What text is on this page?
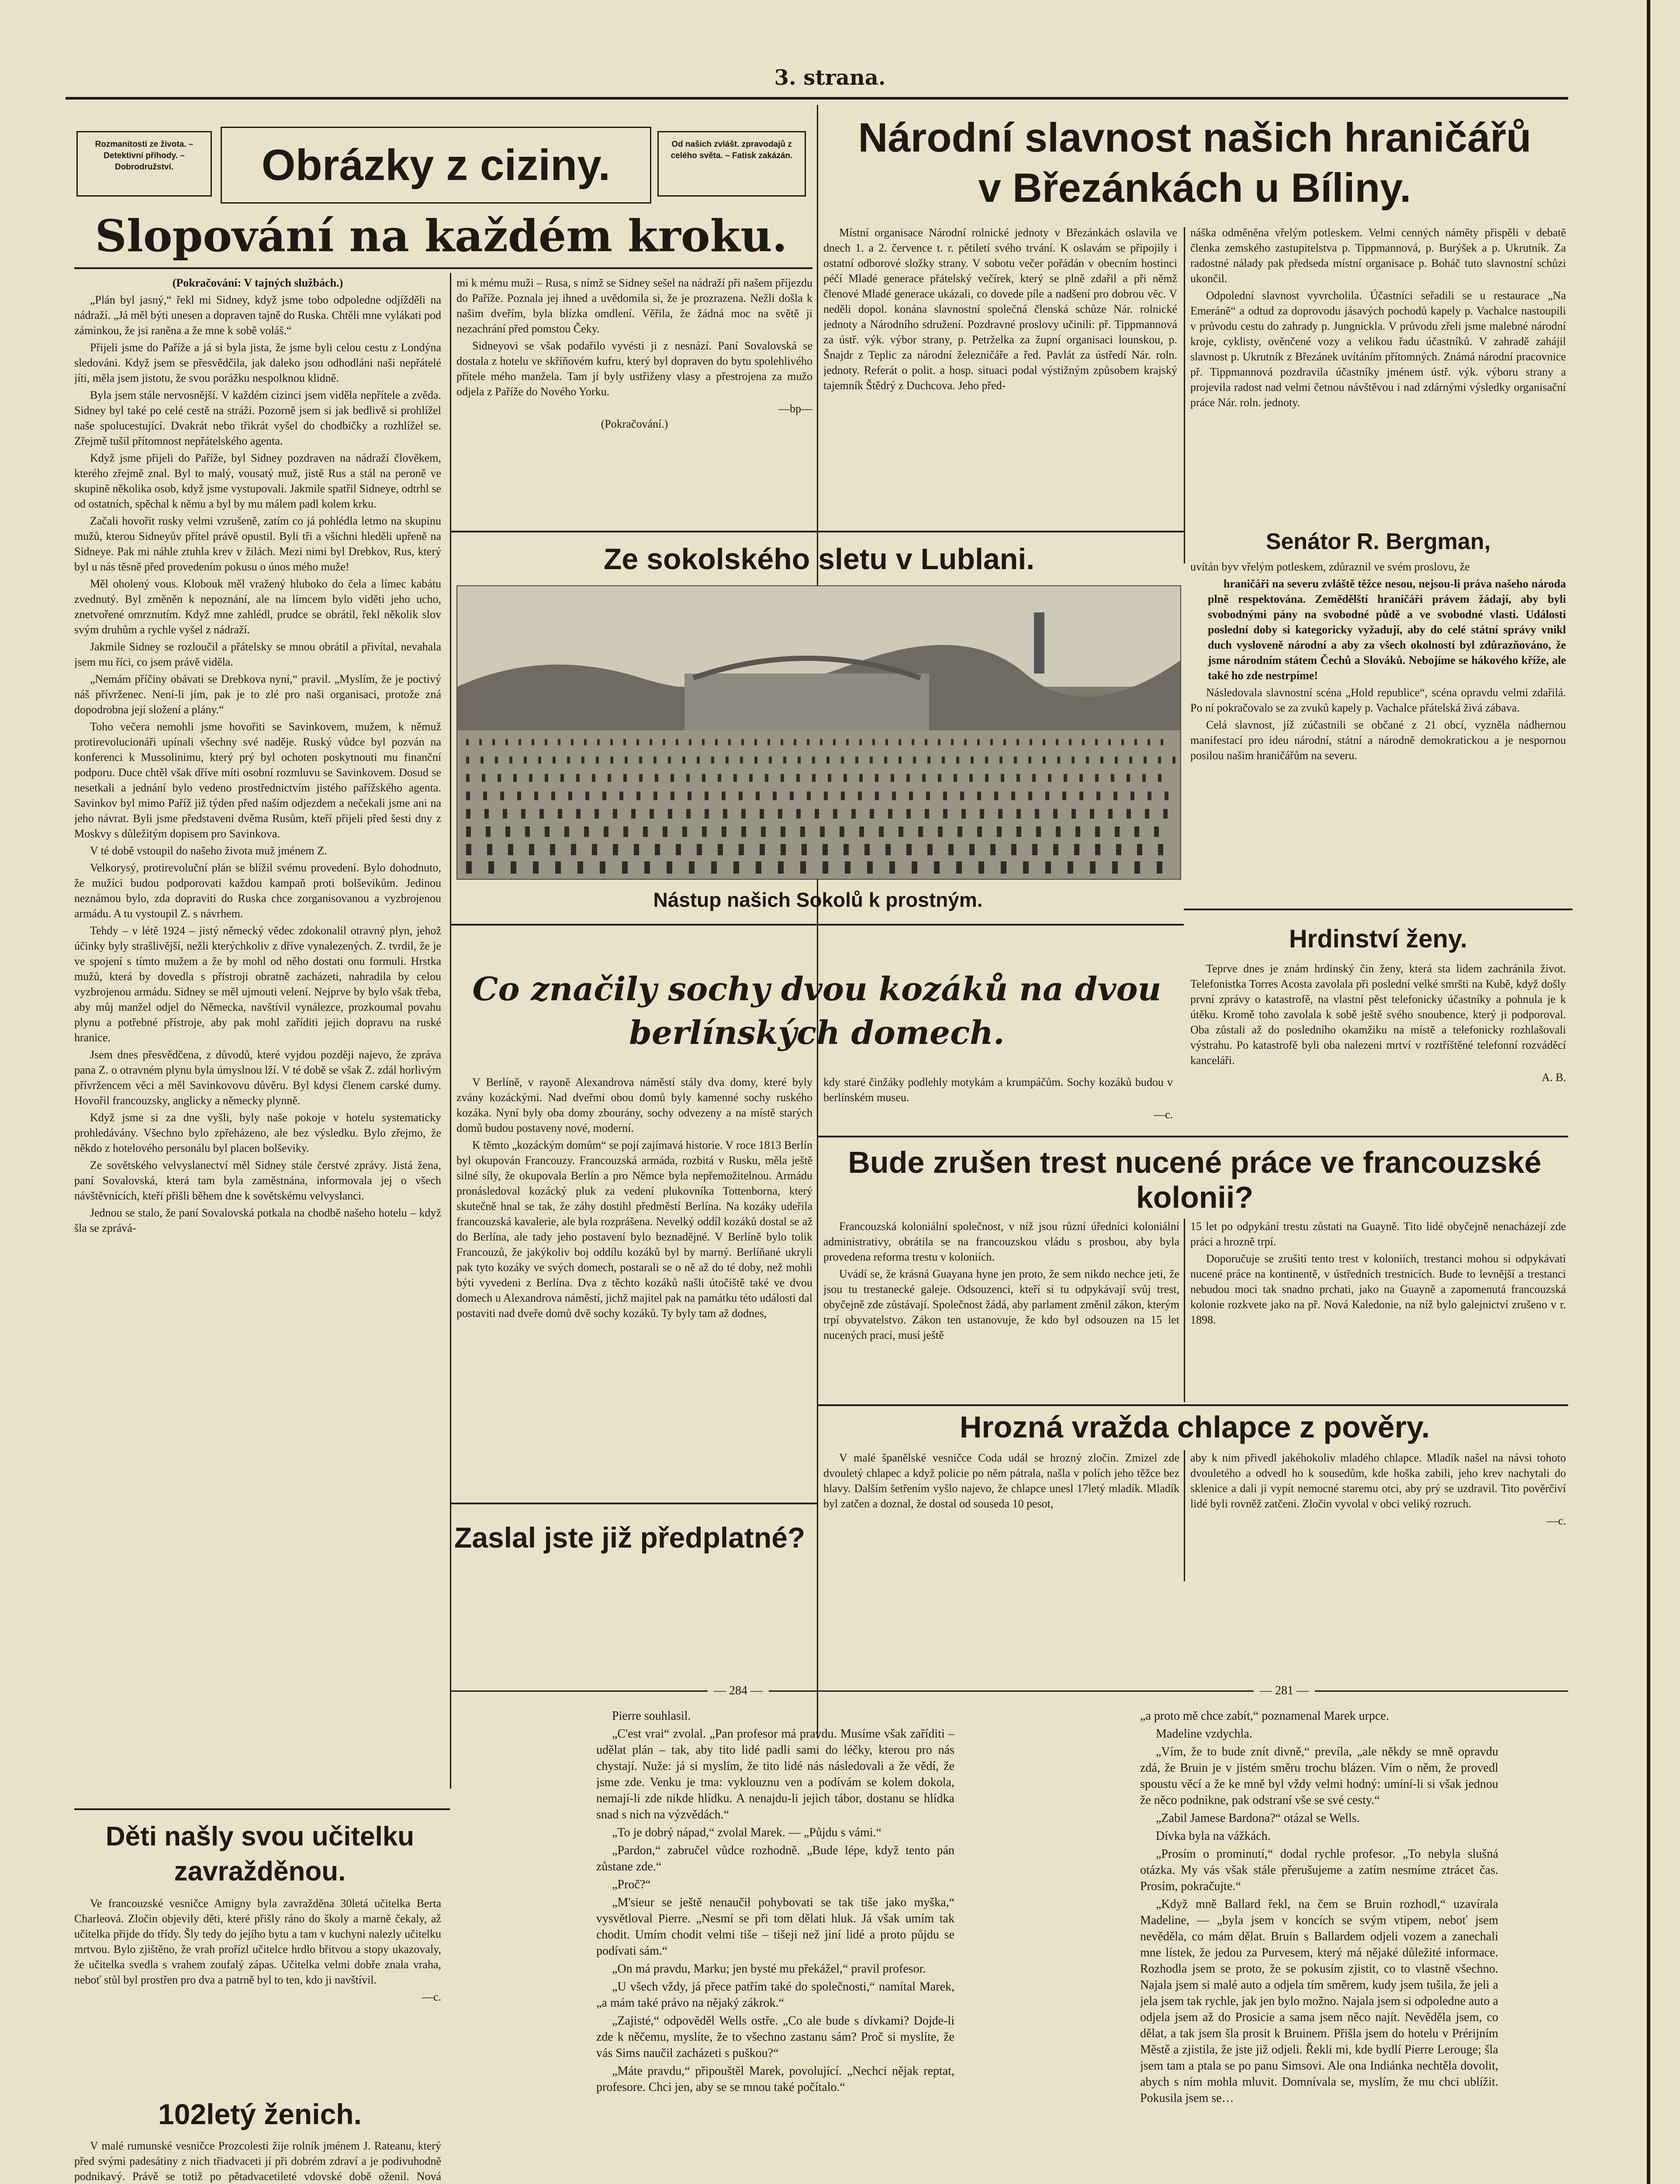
3. strana.
Rozmanitosti ze života. – Detektivní příhody. – Dobrodružství.	Obrázky z ciziny.	Od našich zvlášt. zpravodajů z celého světa. – Fatisk zakázán.
Slopování na každém kroku.
(Pokračování: V tajných službách.)

„Plán byl jasný,“ řekl mi Sidney, když jsme tobo odpoledne odjížděli na nádraží. „Já měl býti unesen a dopraven tajně do Ruska. Chtěli mne vylákati pod záminkou, že jsi raněna a že mne k sobě voláš.“

Přijeli jsme do Paříže a já si byla jista, že jsme byli celou cestu z Londýna sledováni. Když jsem se přesvědčila, jak daleko jsou odhodláni naši nepřátelé jíti, měla jsem jistotu, že svou porážku nespolknou klidně.

Byla jsem stále nervosnější. V každém cizinci jsem viděla nepřítele a zvěda. Sidney byl také po celé cestě na stráži. Pozorně jsem si jak bedlivě si prohlížel naše spolucestující. Dvakrát nebo třikrát vyšel do chodbičky a rozhlížel se. Zřejmě tušil přítomnost nepřátelského agenta.

Když jsme přijeli do Paříže, byl Sidney pozdraven na nádraží člověkem, kterého zřejmě znal. Byl to malý, vousatý muž, jistě Rus a stál na peroně ve skupině několika osob, když jsme vystupovali. Jakmile spatřil Sidneye, odtrhl se od ostatních, spěchal k němu a byl by mu málem padl kolem krku.

Začali hovořit rusky velmi vzrušeně, zatím co já pohlédla letmo na skupinu mužů, kterou Sidneyův přítel právě opustil. Byli tři a všichni hleděli upřeně na Sidneye. Pak mi náhle ztuhla krev v žilách. Mezi nimi byl Drebkov, Rus, který byl u nás těsně před provedením pokusu o únos mého muže!

Měl oholený vous. Klobouk měl vražený hluboko do čela a límec kabátu zvednutý. Byl změněn k nepoznání, ale na límcem bylo viděti jeho ucho, znetvořené omrznutím. Když mne zahlédl, prudce se obrátil, řekl několik slov svým druhům a rychle vyšel z nádraží.

Jakmile Sidney se rozloučil a přátelsky se mnou obrátil a přivítal, nevahala jsem mu říci, co jsem právě viděla.

„Nemám příčiny obávati se Drebkova nyní,“ pravil. „Myslím, že je poctivý náš přívrženec. Není-li jím, pak je to zlé pro naši organisaci, protože zná dopodrobna její složení a plány.“

Toho večera nemohli jsme hovořiti se Savinkovem, mužem, k němuž protirevolucionáři upínali všechny své naděje. Ruský vůdce byl pozván na konferenci k Mussolinimu, který prý byl ochoten poskytnouti mu finanční podporu. Duce chtěl však dříve míti osobní rozmluvu se Savinkovem. Dosud se nesetkali a jednání bylo vedeno prostřednictvím jistého pařížského agenta. Savinkov byl mimo Paříž již týden před naším odjezdem a nečekali jsme ani na jeho návrat. Byli jsme představeni dvěma Rusům, kteří přijeli před šesti dny z Moskvy s důležitým dopisem pro Savinkova.

V té době vstoupil do našeho života muž jménem Z.

Velkorysý, protirevoluční plán se blížil svému provedení. Bylo dohodnuto, že mužíci budou podporovati každou kampaň proti bolševikům. Jedinou neznámou bylo, zda dopraviti do Ruska chce zorganisovanou a vyzbrojenou armádu. A tu vystoupil Z. s návrhem.

Tehdy – v létě 1924 – jistý německý vědec zdokonalil otravný plyn, jehož účinky byly strašlivější, nežli kterýchkoliv z dříve vynalezených. Z. tvrdil, že je ve spojení s tímto mužem a že by mohl od něho dostati onu formuli. Hrstka mužů, která by dovedla s přístroji obratně zacházeti, nahradila by celou vyzbrojenou armádu. Sidney se měl ujmouti velení. Nejprve by bylo však třeba, aby můj manžel odjel do Německa, navštívil vynálezce, prozkoumal povahu plynu a potřebné přístroje, aby pak mohl zaříditi jejich dopravu na ruské hranice.

Jsem dnes přesvědčena, z důvodů, které vyjdou později najevo, že zpráva pana Z. o otravném plynu byla úmyslnou lží. V té době se však Z. zdál horlivým přívržencem věci a měl Savinkovovu důvěru. Byl kdysi členem carské dumy. Hovořil francouzsky, anglicky a německy plynně.

Když jsme si za dne vyšli, byly naše pokoje v hotelu systematicky prohledávány. Všechno bylo zpřeházeno, ale bez výsledku. Bylo zřejmo, že někdo z hotelového personálu byl placen bolševiky.

Ze sovětského velvyslanectví měl Sidney stále čerstvé zprávy. Jistá žena, paní Sovalovská, která tam byla zaměstnána, informovala jej o všech návštěvnících, kteří přišli během dne k sovětskému velvyslanci.

Jednou se stalo, že paní Sovalovská potkala na chodbě našeho hotelu – když šla se zprává-

mi k mému muži – Rusa, s nímž se Sidney sešel na nádraží při našem příjezdu do Paříže. Poznala jej ihned a uvědomila si, že je prozrazena. Nežli došla k našim dveřím, byla blízka omdlení. Věřila, že žádná moc na světě ji nezachrání před pomstou Čeky.

Sidneyovi se však podařilo vyvésti ji z nesnází. Paní Sovalovská se dostala z hotelu ve skříňovém kufru, který byl dopraven do bytu spolehlivého přítele mého manžela. Tam jí byly ustřiženy vlasy a přestrojena za mužo odjela z Paříže do Nového Yorku.

—bp—
(Pokračování.)
Děti našly svou učitelku
zavražděnou.

Ve francouzské vesničce Amigny byla zavražděna 30letá učitelka Berta Charleová. Zločin objevily děti, které přišly ráno do školy a marně čekaly, až učitelka přijde do třídy. Šly tedy do jejího bytu a tam v kuchyni nalezly učitelku mrtvou. Bylo zjištěno, že vrah prořízl učitelce hrdlo břitvou a stopy ukazovaly, že učitelka svedla s vrahem zoufalý zápas. Učitelka velmi dobře znala vraha, neboť stůl byl prostřen pro dva a patrně byl to ten, kdo ji navštívil.

—c.
102letý ženich.

V malé rumunské vesničce Prozcolesti žije rolník jménem J. Rateanu, který před svými padesátiny z nich třiadvaceti jí při dobrém zdraví a je podivuhodně podnikavý. Právě se totiž po pětadvacetileté vdovské době oženil. Nová

Národní slavnost našich hraničářů
v Březánkách u Bíliny.

Místní organisace Národní rolnické jednoty v Březánkách oslavila ve dnech 1. a 2. července t. r. pětiletí svého trvání. K oslavám se připojily i ostatní odborové složky strany. V sobotu večer pořádán v obecním hostinci péčí Mladé generace přátelský večírek, který se plně zdařil a při němž členové Mladé generace ukázali, co dovede píle a nadšení pro dobrou věc. V neděli dopol. konána slavnostní společná členská schůze Nár. rolnické jednoty a Národního sdružení. Pozdravné proslovy učinili: př. Tippmannová za ústř. výk. výbor strany, p. Petrželka za župní organisaci lounskou, p. Šnajdr z Teplic za národní železničáře a řed. Pavlát za ústředí Nár. roln. jednoty. Referát o polit. a hosp. situaci podal výstižným způsobem krajský tajemník Štědrý z Duchcova. Jeho před-

náška odměněna vřelým potleskem. Velmi cenných náměty přispěli v debatě členka zemského zastupitelstva p. Tippmannová, p. Burýšek a p. Ukrutník. Za radostné nálady pak předseda místní organisace p. Boháč tuto slavnostní schůzi ukončil.

Odpolední slavnost vyvrcholila. Účastníci seřadili se u restaurace „Na Emeráně“ a odtud za doprovodu jásavých pochodů kapely p. Vachalce nastoupili v průvodu cestu do zahrady p. Jungnickla. V průvodu zřeli jsme malebné národní kroje, cyklisty, ověnčené vozy a velikou řadu účastníků. V zahradě zahájil slavnost p. Ukrutník z Březánek uvítáním přítomných. Známá národní pracovnice př. Tippmannová pozdravila účastníky jménem ústř. výk. výboru strany a projevila radost nad velmi četnou návštěvou i nad zdárnými výsledky organisační práce Nár. roln. jednoty.

Senátor R. Bergman,

uvítán byv vřelým potleskem, zdůraznil ve svém proslovu, že

hraničáři na severu zvláště těžce nesou, nejsou-li práva našeho národa plně respektována. Zemědělští hraničáři právem žádají, aby byli svobodnými pány na svobodné půdě a ve svobodné vlasti. Události poslední doby si kategoricky vyžadují, aby do celé státní správy vnikl duch vysloveně národní a aby za všech okolností byl zdůrazňováno, že jsme národním státem Čechů a Slováků. Nebojíme se hákového kříže, ale také ho zde nestrpíme!

Následovala slavnostní scéna „Hold republice“, scéna opravdu velmi zdařilá. Po ní pokračovalo se za zvuků kapely p. Vachalce přátelská živá zábava.

Celá slavnost, jíž zúčastnili se občané z 21 obcí, vyzněla nádhernou manifestací pro ideu národní, státní a národně demokratickou a je nespornou posilou našim hraničářům na severu.

Ze sokolského sletu v Lublani.
Nástup našich Sokolů k prostným.
Hrdinství ženy.

Teprve dnes je znám hrdinský čin ženy, která sta lidem zachránila život. Telefonistka Torres Acosta zavolala při poslední velké smršti na Kubě, když došly první zprávy o katastrofě, na vlastní pěst telefonicky účastníky a pohnula je k útěku. Kromě toho zavolala k sobě ještě svého snoubence, který ji podporoval. Oba zůstali až do posledního okamžiku na místě a telefonicky rozhlašovali výstrahu. Po katastrofě byli oba nalezeni mrtví v roztříštěné telefonní rozváděcí kanceláři.

A. B.
Co značily sochy dvou kozáků na dvou
berlínských domech.

V Berlíně, v rayoně Alexandrova náměstí stály dva domy, které byly zvány kozáckými. Nad dveřmi obou domů byly kamenné sochy ruského kozáka. Nyní byly oba domy zbourány, sochy odvezeny a na místě starých domů budou postaveny nové, moderní.

K těmto „kozáckým domům“ se pojí zajímavá historie. V roce 1813 Berlín byl okupován Francouzy. Francouzská armáda, rozbitá v Rusku, měla ještě silné síly, že okupovala Berlín a pro Němce byla nepřemožitelnou. Armádu pronásledoval kozácký pluk za vedení plukovníka Tottenborna, který skutečně hnal se tak, že záhy dostihl předměstí Berlína. Na kozáky udeřila francouzská kavalerie, ale byla rozprášena. Nevelký oddíl kozáků dostal se až do Berlína, ale tady jeho postavení bylo beznadějné. V Berlíně bylo tolik Francouzů, že jakýkoliv boj oddílu kozáků byl by marný. Berlíňané ukryli pak tyto kozáky ve svých domech, postarali se o ně až do té doby, než mohli býti vyvedeni z Berlína. Dva z těchto kozáků našli útočiště také ve dvou domech u Alexandrova náměstí, jichž majitel pak na památku této události dal postaviti nad dveře domů dvě sochy kozáků. Ty byly tam až dodnes,

kdy staré činžáky podlehly motykám a krumpáčům. Sochy kozáků budou v berlínském museu.

—c.
Bude zrušen trest nucené práce ve francouzské
kolonii?

Francouzská koloniální společnost, v níž jsou různí úředníci koloniální administrativy, obrátila se na francouzskou vládu s prosbou, aby byla provedena reforma trestu v koloniích.

Uvádí se, že krásná Guayana hyne jen proto, že sem nikdo nechce jeti, že jsou tu trestanecké galeje. Odsouzenci, kteří si tu odpykávají svůj trest, obyčejně zde zůstávají. Společnost žádá, aby parlament změnil zákon, kterým trpí obyvatelstvo. Zákon ten ustanovuje, že kdo byl odsouzen na 15 let nucených prací, musí ještě

15 let po odpykání trestu zůstati na Guayně. Tito lidé obyčejně nenacházejí zde práci a hrozně trpí.

Doporučuje se zrušiti tento trest v koloniích, trestanci mohou si odpykávati nucené práce na kontinentě, v ústředních trestnicích. Bude to levnější a trestanci nebudou moci tak snadno prchati, jako na Guayně a zapomenutá francouzská kolonie rozkvete jako na př. Nová Kaledonie, na níž bylo galejnictví zrušeno v r. 1898.

Hrozná vražda chlapce z pověry.

V malé španělské vesničce Coda udál se hrozný zločin. Zmizel zde dvouletý chlapec a když policie po něm pátrala, našla v polích jeho těžce bez hlavy. Dalším šetřením vyšlo najevo, že chlapce unesl 17letý mladík. Mladík byl zatčen a doznal, že dostal od souseda 10 pesot,

aby k nim přivedl jakéhokoliv mladého chlapce. Mladík našel na návsi tohoto dvouletého a odvedl ho k sousedům, kde hoška zabili, jeho krev nachytali do sklenice a dali ji vypít nemocné staremu otci, aby prý se uzdravil. Tito pověrčiví lidé byli rovněž zatčeni. Zločin vyvolal v obci veliký rozruch.

—c.
Zaslal jste již předplatné?
— 284 —	— 281 —

Pierre souhlasil.

„C'est vrai“ zvolal. „Pan profesor má pravdu. Musíme však zaříditi – udělat plán – tak, aby tito lidé padli sami do léčky, kterou pro nás chystají. Nuže: já si myslím, že tito lidé nás následovali a že vědí, že jsme zde. Venku je tma: vyklouznu ven a podívám se kolem dokola, nemají-li zde nikde hlídku. A nenajdu-li jejich tábor, dostanu se hlídka snad s nich na výzvědách.“

„To je dobrý nápad,“ zvolal Marek. — „Půjdu s vámi.“

„Pardon,“ zabručel vůdce rozhodně. „Bude lépe, když tento pán zůstane zde.“

„Proč?“

„M'sieur se ještě nenaučil pohybovati se tak tiše jako myška,“ vysvětloval Pierre. „Nesmí se při tom dělati hluk. Já však umím tak chodit. Umím chodit velmi tiše – tišeji než jiní lidé a proto půjdu se podívati sám.“

„On má pravdu, Marku; jen bysté mu překážel,“ pravil profesor.

„U všech vždy, já přece patřím také do společnosti,“ namítal Marek, „a mám také právo na nějaký zákrok.“

„Zajisté,“ odpověděl Wells ostře. „Co ale bude s dívkami? Dojde-li zde k něčemu, myslíte, že to všechno zastanu sám? Proč si myslíte, že vás Sims naučil zacházeti s puškou?“

„Máte pravdu,“ připouštěl Marek, povolující. „Nechci nějak reptat, profesore. Chci jen, aby se se mnou také počítalo.“

„a proto mě chce zabít,“ poznamenal Marek urpce.

Madeline vzdychla.

„Vím, že to bude znít divně,“ prevíla, „ale někdy se mně opravdu zdá, že Bruin je v jistém směru trochu blázen. Vím o něm, že provedl spoustu věcí a že ke mně byl vždy velmi hodný: umíní-li si však jednou že něco podnikne, pak odstraní vše se své cesty.“

„Zabil Jamese Bardona?“ otázal se Wells.

Dívka byla na vážkách.

„Prosím o prominutí,“ dodal rychle profesor. „To nebyla slušná otázka. My vás však stále přerušujeme a zatím nesmíme ztrácet čas. Prosím, pokračujte.“

„Když mně Ballard řekl, na čem se Bruin rozhodl,“ uzavírala Madeline, — „byla jsem v koncích se svým vtipem, neboť jsem nevěděla, co mám dělat. Bruin s Ballardem odjeli vozem a zanechali mne lístek, že jedou za Purvesem, který má nějaké důležité informace. Rozhodla jsem se proto, že se pokusím zjistit, co to vlastně všechno. Najala jsem si malé auto a odjela tím směrem, kudy jsem tušila, že jeli a jela jsem tak rychle, jak jen bylo možno. Najala jsem si odpoledne auto a odjela jsem až do Prosicie a sama jsem něco najít. Nevěděla jsem, co dělat, a tak jsem šla prosit k Bruinem. Přišla jsem do hotelu v Prérijním Městě a zjistila, že jste již odjeli. Řekli mi, kde bydlí Pierre Lerouge; šla jsem tam a ptala se po panu Simsovi. Ale ona Indiánka nechtěla dovolit, abych s ním mohla mluvit. Domnívala se, myslím, že mu chci ublížit. Pokusila jsem se…
